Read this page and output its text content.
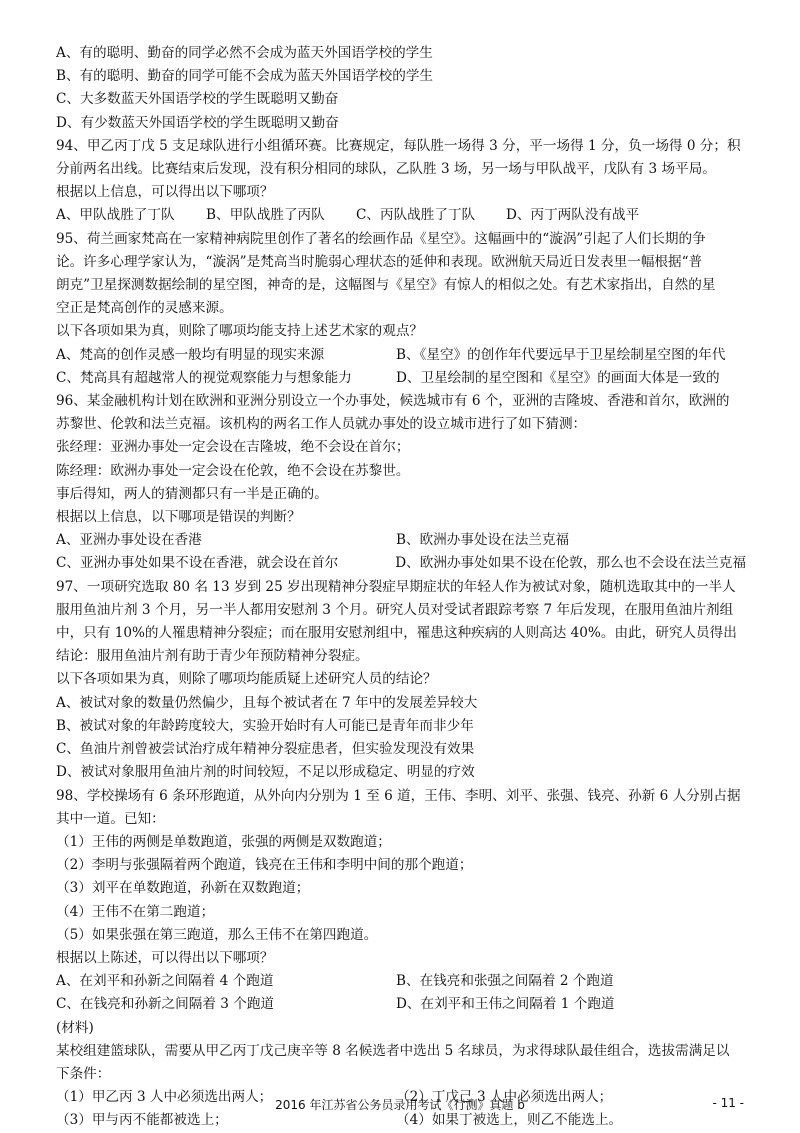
A、有的聪明、勤奋的同学必然不会成为蓝天外国语学校的学生
B、有的聪明、勤奋的同学可能不会成为蓝天外国语学校的学生
C、大多数蓝天外国语学校的学生既聪明又勤奋
D、有少数蓝天外国语学校的学生既聪明又勤奋
94、甲乙丙丁戊 5 支足球队进行小组循环赛。比赛规定，每队胜一场得 3 分，平一场得 1 分，负一场得 0 分；积
分前两名出线。比赛结束后发现，没有积分相同的球队，乙队胜 3 场，另一场与甲队战平，戊队有 3 场平局。
根据以上信息，可以得出以下哪项？
A、甲队战胜了丁队	B、甲队战胜了丙队	C、丙队战胜了丁队	D、丙丁两队没有战平
95、荷兰画家梵高在一家精神病院里创作了著名的绘画作品《星空》。这幅画中的“漩涡”引起了人们长期的争
论。许多心理学家认为，“漩涡”是梵高当时脆弱心理状态的延伸和表现。欧洲航天局近日发表里一幅根据“普
朗克”卫星探测数据绘制的星空图，神奇的是，这幅图与《星空》有惊人的相似之处。有艺术家指出，自然的星
空正是梵高创作的灵感来源。
以下各项如果为真，则除了哪项均能支持上述艺术家的观点？
A、梵高的创作灵感一般均有明显的现实来源	B、《星空》的创作年代要远早于卫星绘制星空图的年代
C、梵高具有超越常人的视觉观察能力与想象能力	D、卫星绘制的星空图和《星空》的画面大体是一致的
96、某金融机构计划在欧洲和亚洲分别设立一个办事处，候选城市有 6 个，亚洲的吉隆坡、香港和首尔，欧洲的
苏黎世、伦敦和法兰克福。该机构的两名工作人员就办事处的设立城市进行了如下猜测：
张经理：亚洲办事处一定会设在吉隆坡，绝不会设在首尔；
陈经理：欧洲办事处一定会设在伦敦，绝不会设在苏黎世。
事后得知，两人的猜测都只有一半是正确的。
根据以上信息，以下哪项是错误的判断？
A、亚洲办事处设在香港	B、欧洲办事处设在法兰克福
C、亚洲办事处如果不设在香港，就会设在首尔	D、欧洲办事处如果不设在伦敦，那么也不会设在法兰克福
97、一项研究选取 80 名 13 岁到 25 岁出现精神分裂症早期症状的年轻人作为被试对象，随机选取其中的一半人
服用鱼油片剂 3 个月，另一半人都用安慰剂 3 个月。研究人员对受试者跟踪考察 7 年后发现，在服用鱼油片剂组
中，只有 10%的人罹患精神分裂症；而在服用安慰剂组中，罹患这种疾病的人则高达 40%。由此，研究人员得出
结论：服用鱼油片剂有助于青少年预防精神分裂症。
以下各项如果为真，则除了哪项均能质疑上述研究人员的结论？
A、被试对象的数量仍然偏少，且每个被试者在 7 年中的发展差异较大
B、被试对象的年龄跨度较大，实验开始时有人可能已是青年而非少年
C、鱼油片剂曾被尝试治疗成年精神分裂症患者，但实验发现没有效果
D、被试对象服用鱼油片剂的时间较短，不足以形成稳定、明显的疗效
98、学校操场有 6 条环形跑道，从外向内分别为 1 至 6 道，王伟、李明、刘平、张强、钱亮、孙新 6 人分别占据
其中一道。已知：
（1）王伟的两侧是单数跑道，张强的两侧是双数跑道；
（2）李明与张强隔着两个跑道，钱亮在王伟和李明中间的那个跑道；
（3）刘平在单数跑道，孙新在双数跑道；
（4）王伟不在第二跑道；
（5）如果张强在第三跑道，那么王伟不在第四跑道。
根据以上陈述，可以得出以下哪项？
A、在刘平和孙新之间隔着 4 个跑道	B、在钱亮和张强之间隔着 2 个跑道
C、在钱亮和孙新之间隔着 3 个跑道	D、在刘平和王伟之间隔着 1 个跑道
(材料)
某校组建篮球队，需要从甲乙丙丁戊己庚辛等 8 名候选者中选出 5 名球员，为求得球队最佳组合，选拔需满足以
下条件：
（1）甲乙丙 3 人中必须选出两人；	（2）丁戊己 3 人中必须选出两人；
（3）甲与丙不能都被选上；	（4）如果丁被选上，则乙不能选上。
2016 年江苏省公务员录用考试《行测》真题 b	- 11 -
